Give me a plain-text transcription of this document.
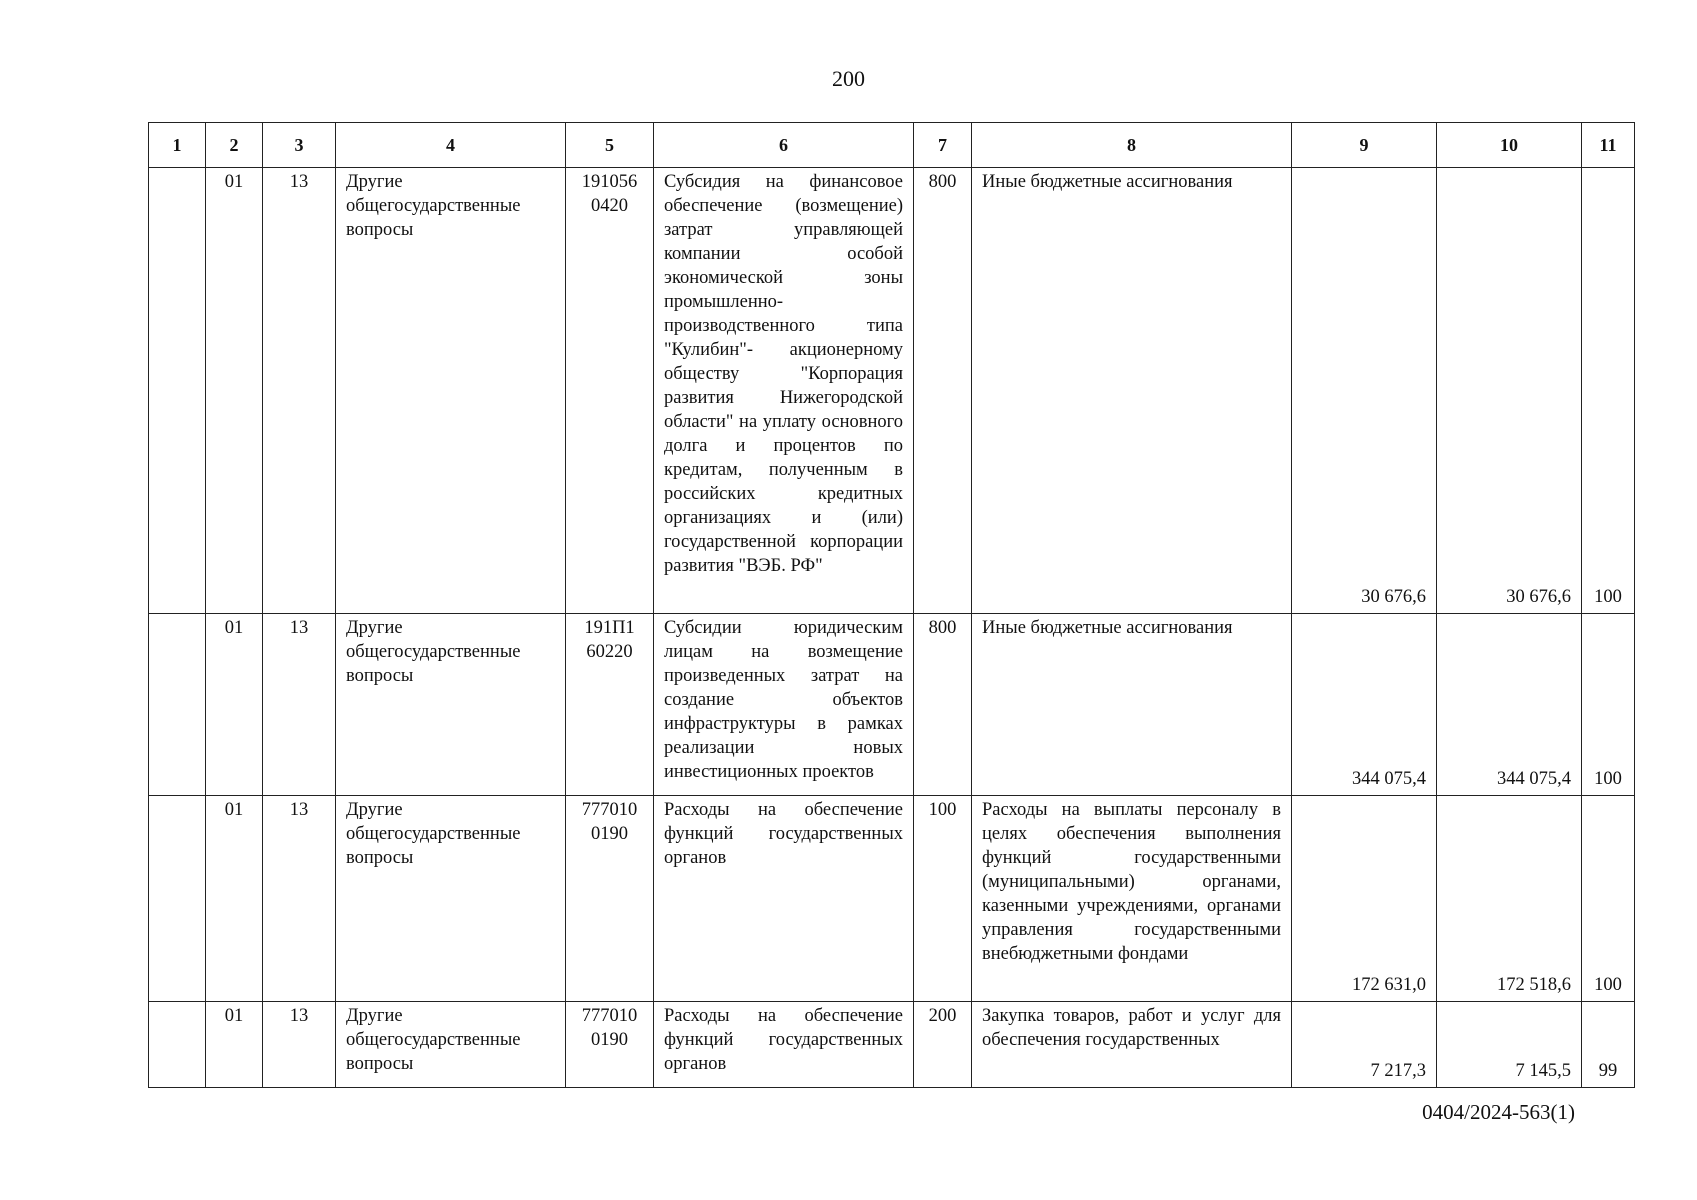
200
1	2	3	4	5	6	7	8	9	10	11
	01	13	Другие общегосударственные вопросы	191056 0420	Субсидия на финансовое обеспечение (возмещение) затрат управляющей компании особой экономической зоны промышленно-производственного типа "Кулибин"- акционерному обществу "Корпорация развития Нижегородской области" на уплату основного долга и процентов по кредитам, полученным в российских кредитных организациях и (или) государственной корпорации развития "ВЭБ. РФ"	800	Иные бюджетные ассигнования	30 676,6	30 676,6	100
	01	13	Другие общегосударственные вопросы	191П1 60220	Субсидии юридическим лицам на возмещение произведенных затрат на создание объектов инфраструктуры в рамках реализации новых инвестиционных проектов	800	Иные бюджетные ассигнования	344 075,4	344 075,4	100
	01	13	Другие общегосударственные вопросы	777010 0190	Расходы на обеспечение функций государственных органов	100	Расходы на выплаты персоналу в целях обеспечения выполнения функций государственными (муниципальными) органами, казенными учреждениями, органами управления государственными внебюджетными фондами	172 631,0	172 518,6	100
	01	13	Другие общегосударственные вопросы	777010 0190	Расходы на обеспечение функций государственных органов	200	Закупка товаров, работ и услуг для обеспечения государственных	7 217,3	7 145,5	99
0404/2024-563(1)
